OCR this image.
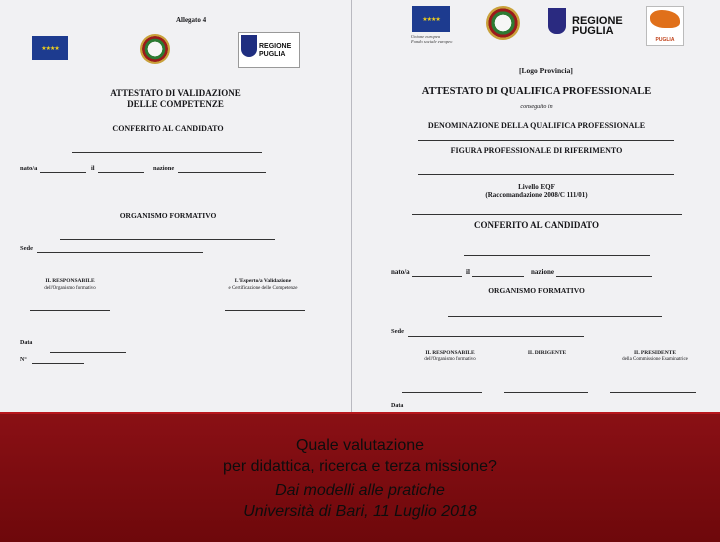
Allegato 4
★★★★	REGIONE PUGLIA
ATTESTATO DI VALIDAZIONE
DELLE COMPETENZE
CONFERITO AL CANDIDATO
nato/a	il	nazione
ORGANISMO FORMATIVO
Sede
IL RESPONSABILE
dell'Organismo formativo
L'Esperto/a Validazione
e Certificazione delle Competenze
Data
N°
★★★★
Unione europea
Fondo sociale europeo
REGIONE PUGLIA
PUGLIA
[Logo Provincia]
ATTESTATO DI QUALIFICA PROFESSIONALE
conseguito in
DENOMINAZIONE DELLA QUALIFICA PROFESSIONALE
FIGURA PROFESSIONALE DI RIFERIMENTO
Livello EQF
(Raccomandazione 2008/C 111/01)
CONFERITO AL CANDIDATO
nato/a	il	nazione
ORGANISMO FORMATIVO
Sede
IL RESPONSABILE
dell'Organismo formativo
IL DIRIGENTE	IL PRESIDENTE
della Commissione Esaminatrice
Data
Quale valutazione
per didattica, ricerca e terza missione?
Dai modelli alle pratiche
Università di Bari, 11 Luglio 2018
